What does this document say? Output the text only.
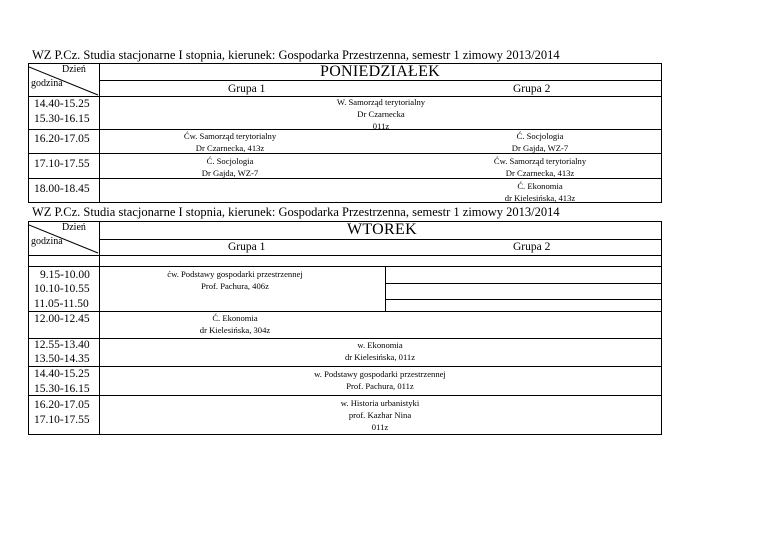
WZ P.Cz. Studia stacjonarne I stopnia, kierunek: Gospodarka Przestrzenna, semestr 1 zimowy 2013/2014
Dzień
godzina
PONIEDZIAŁEK
Grupa 1	Grupa 2
14.40-15.25
15.30-16.15
16.20-17.05
17.10-17.55
18.00-18.45
W. Samorząd terytorialny
Dr Czarnecka
011z
Ćw. Samorząd terytorialny
Dr Czarnecka, 413z
Ć. Socjologia
Dr Gajda, WZ-7
Ć. Socjologia
Dr Gajda, WZ-7
Ćw. Samorząd terytorialny
Dr Czarnecka, 413z
Ć. Ekonomia
dr Kielesińska, 413z
WZ P.Cz. Studia stacjonarne I stopnia, kierunek: Gospodarka Przestrzenna, semestr 1 zimowy 2013/2014
Dzień
godzina
WTOREK
Grupa 1	Grupa 2
9.15-10.00
10.10-10.55
11.05-11.50
12.00-12.45
12.55-13.40
13.50-14.35
14.40-15.25
15.30-16.15
16.20-17.05
17.10-17.55
ćw. Podstawy gospodarki przestrzennej
Prof. Pachura, 406z
Ć. Ekonomia
dr Kielesińska, 304z
w. Ekonomia
dr Kielesińska, 011z
w. Podstawy gospodarki przestrzennej
Prof. Pachura, 011z
w. Historia urbanistyki
prof. Kazhar Nina
011z
